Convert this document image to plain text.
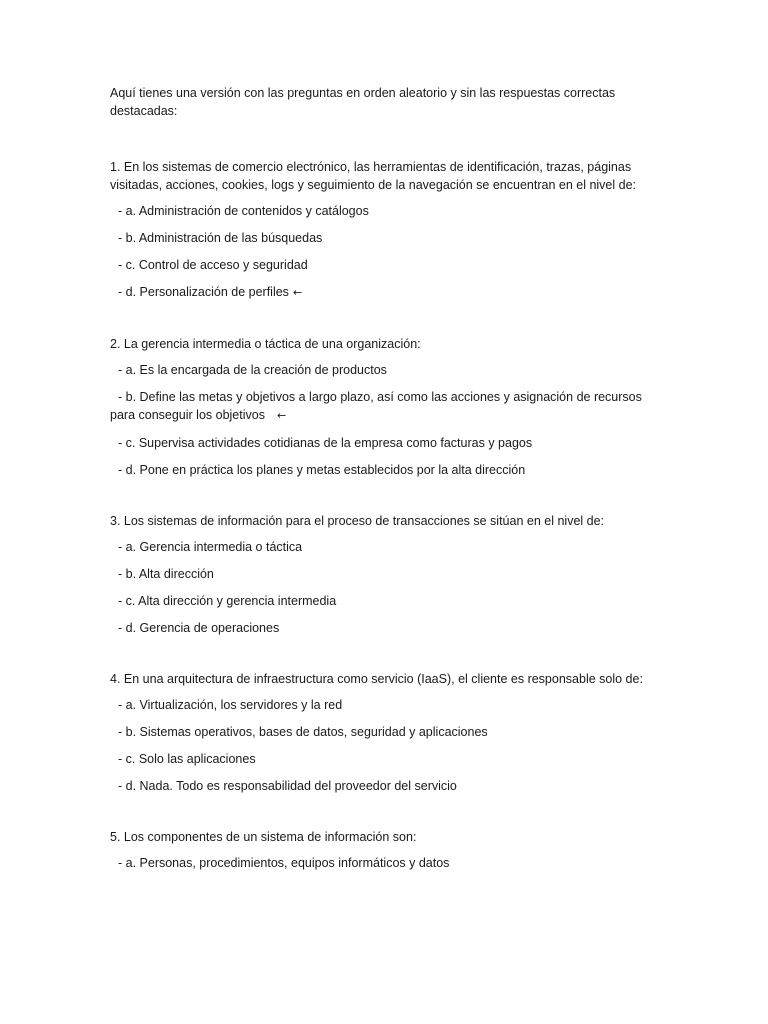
Aquí tienes una versión con las preguntas en orden aleatorio y sin las respuestas correctas destacadas:

1. En los sistemas de comercio electrónico, las herramientas de identificación, trazas, páginas visitadas, acciones, cookies, logs y seguimiento de la navegación se encuentran en el nivel de:

- a. Administración de contenidos y catálogos

- b. Administración de las búsquedas

- c. Control de acceso y seguridad

- d. Personalización de perfiles ←

2. La gerencia intermedia o táctica de una organización:

- a. Es la encargada de la creación de productos

- b. Define las metas y objetivos a largo plazo, así como las acciones y asignación de recursos para conseguir los objetivos ←

- c. Supervisa actividades cotidianas de la empresa como facturas y pagos

- d. Pone en práctica los planes y metas establecidos por la alta dirección

3. Los sistemas de información para el proceso de transacciones se sitúan en el nivel de:

- a. Gerencia intermedia o táctica

- b. Alta dirección

- c. Alta dirección y gerencia intermedia

- d. Gerencia de operaciones

4. En una arquitectura de infraestructura como servicio (IaaS), el cliente es responsable solo de:

- a. Virtualización, los servidores y la red

- b. Sistemas operativos, bases de datos, seguridad y aplicaciones

- c. Solo las aplicaciones

- d. Nada. Todo es responsabilidad del proveedor del servicio

5. Los componentes de un sistema de información son:

- a. Personas, procedimientos, equipos informáticos y datos
